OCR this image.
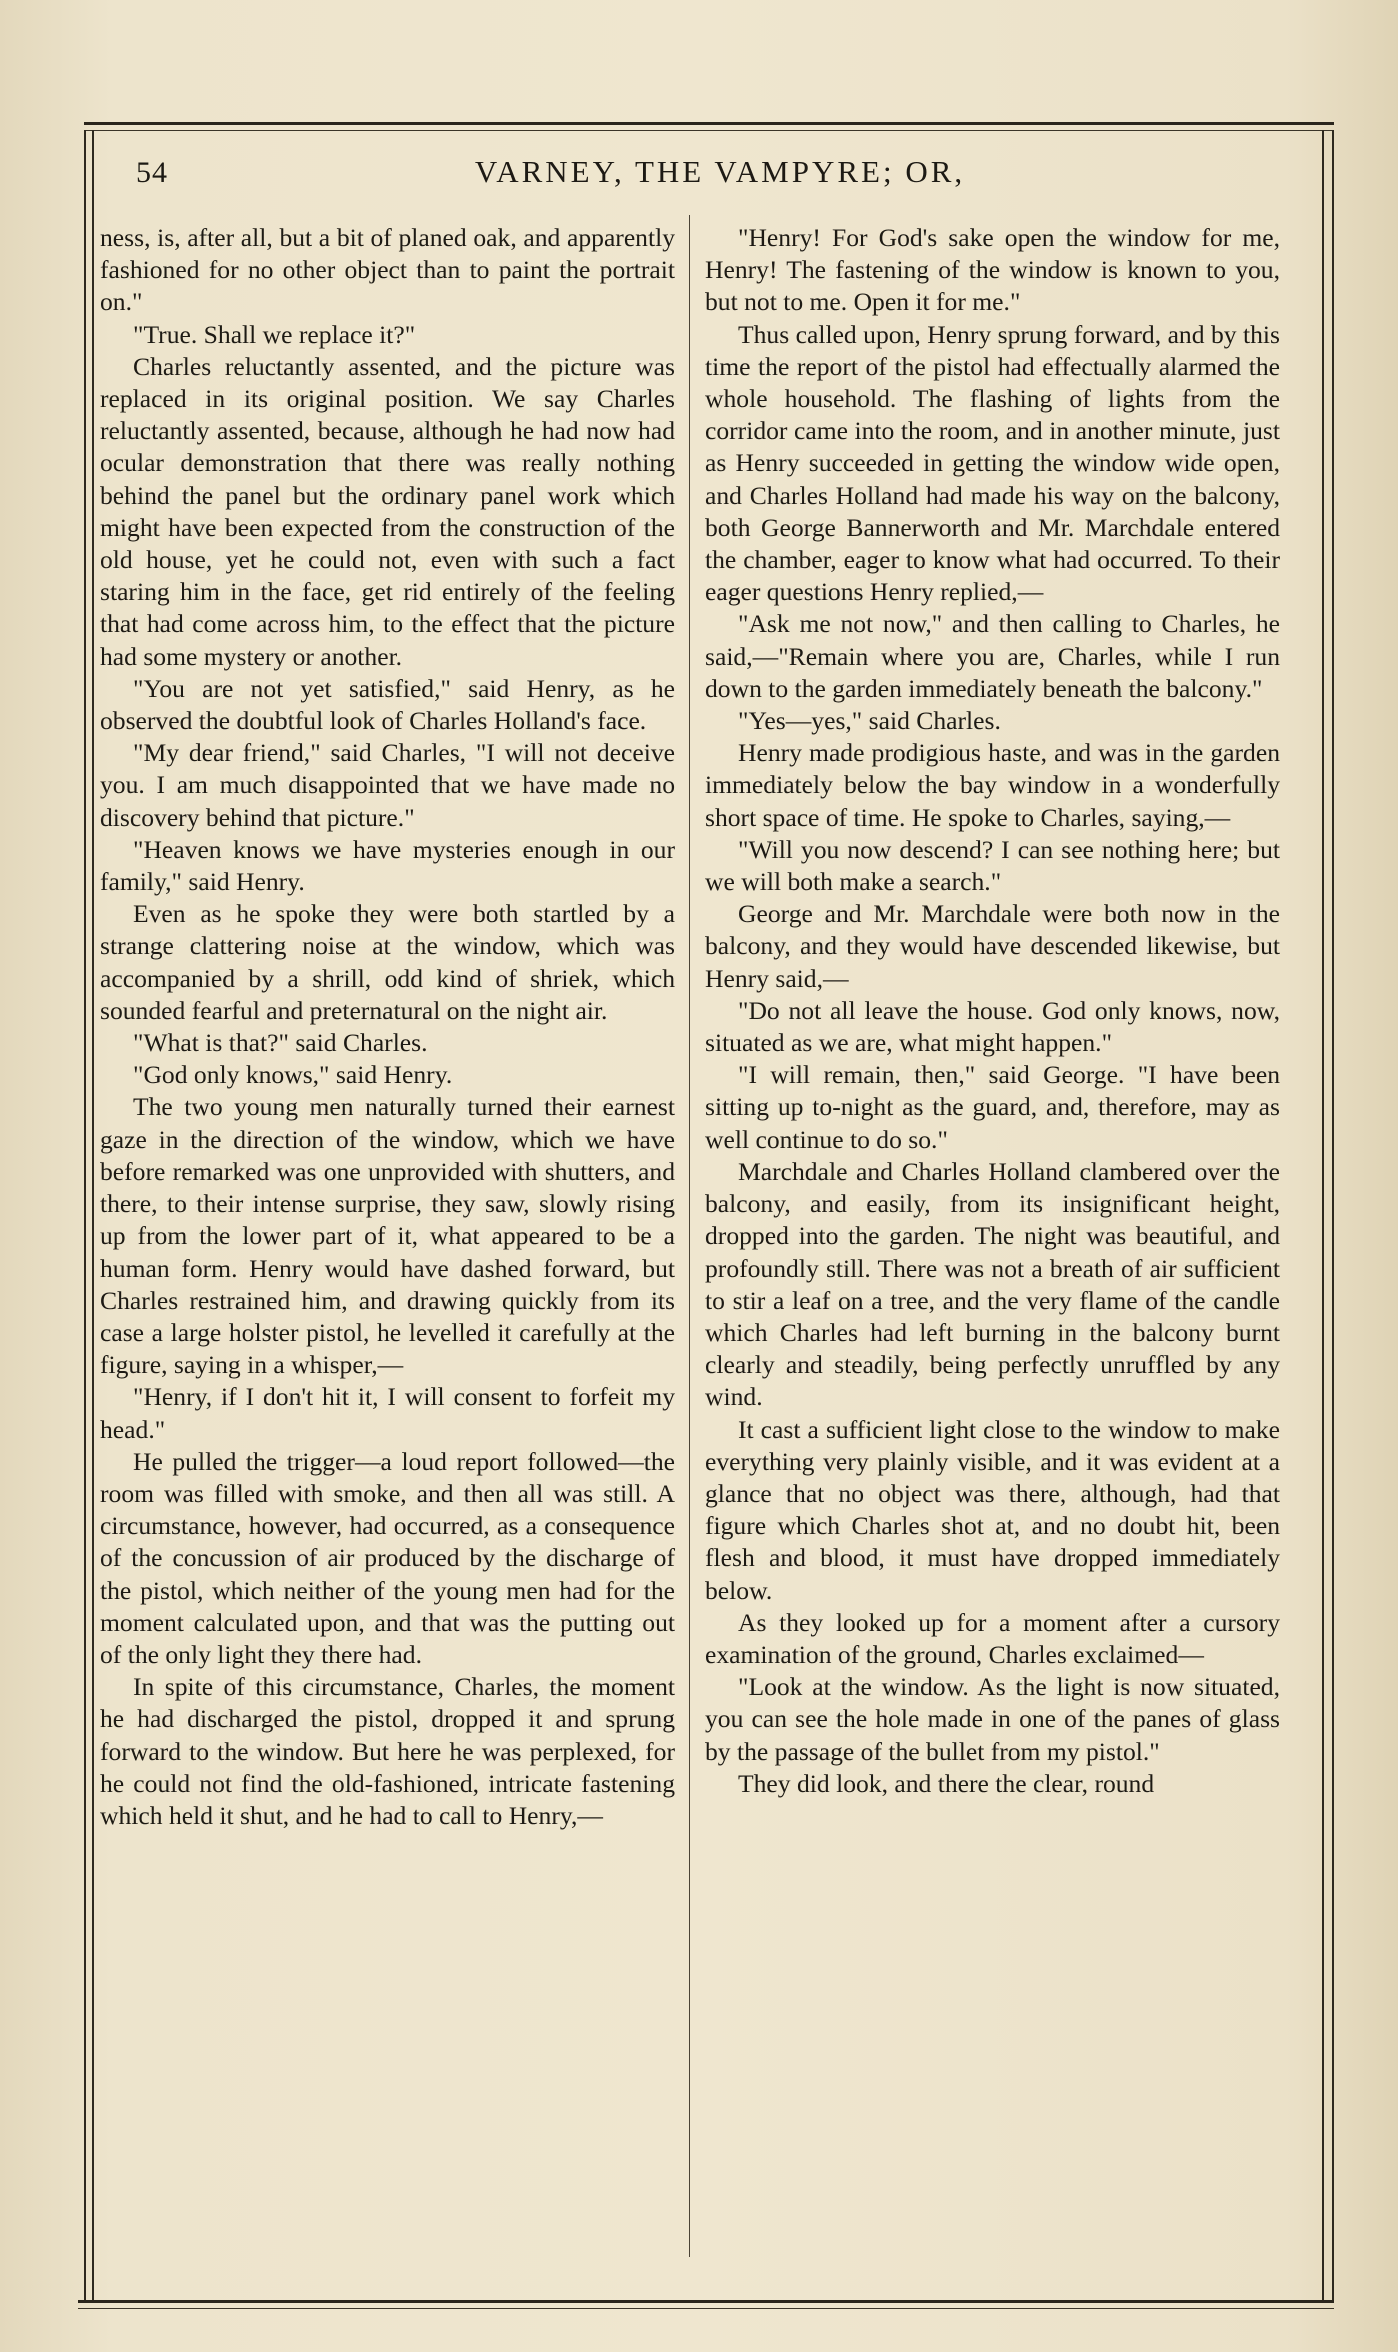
54	VARNEY, THE VAMPYRE; OR,

ness, is, after all, but a bit of planed oak, and apparently fashioned for no other object than to paint the portrait on."

"True. Shall we replace it?"

Charles reluctantly assented, and the picture was replaced in its original position. We say Charles reluctantly assented, because, although he had now had ocular demonstration that there was really nothing behind the panel but the ordinary panel work which might have been expected from the construction of the old house, yet he could not, even with such a fact staring him in the face, get rid entirely of the feeling that had come across him, to the effect that the picture had some mystery or another.

"You are not yet satisfied," said Henry, as he observed the doubtful look of Charles Holland's face.

"My dear friend," said Charles, "I will not deceive you. I am much disappointed that we have made no discovery behind that picture."

"Heaven knows we have mysteries enough in our family," said Henry.

Even as he spoke they were both startled by a strange clattering noise at the window, which was accompanied by a shrill, odd kind of shriek, which sounded fearful and preternatural on the night air.

"What is that?" said Charles.

"God only knows," said Henry.

The two young men naturally turned their earnest gaze in the direction of the window, which we have before remarked was one unprovided with shutters, and there, to their intense surprise, they saw, slowly rising up from the lower part of it, what appeared to be a human form. Henry would have dashed forward, but Charles restrained him, and drawing quickly from its case a large holster pistol, he levelled it carefully at the figure, saying in a whisper,—

"Henry, if I don't hit it, I will consent to forfeit my head."

He pulled the trigger—a loud report followed—the room was filled with smoke, and then all was still. A circumstance, however, had occurred, as a consequence of the concussion of air produced by the discharge of the pistol, which neither of the young men had for the moment calculated upon, and that was the putting out of the only light they there had.

In spite of this circumstance, Charles, the moment he had discharged the pistol, dropped it and sprung forward to the window. But here he was perplexed, for he could not find the old-fashioned, intricate fastening which held it shut, and he had to call to Henry,—

"Henry! For God's sake open the window for me, Henry! The fastening of the window is known to you, but not to me. Open it for me."

Thus called upon, Henry sprung forward, and by this time the report of the pistol had effectually alarmed the whole household. The flashing of lights from the corridor came into the room, and in another minute, just as Henry succeeded in getting the window wide open, and Charles Holland had made his way on the balcony, both George Bannerworth and Mr. Marchdale entered the chamber, eager to know what had occurred. To their eager questions Henry replied,—

"Ask me not now," and then calling to Charles, he said,—"Remain where you are, Charles, while I run down to the garden immediately beneath the balcony."

"Yes—yes," said Charles.

Henry made prodigious haste, and was in the garden immediately below the bay window in a wonderfully short space of time. He spoke to Charles, saying,—

"Will you now descend? I can see nothing here; but we will both make a search."

George and Mr. Marchdale were both now in the balcony, and they would have descended likewise, but Henry said,—

"Do not all leave the house. God only knows, now, situated as we are, what might happen."

"I will remain, then," said George. "I have been sitting up to-night as the guard, and, therefore, may as well continue to do so."

Marchdale and Charles Holland clambered over the balcony, and easily, from its insignificant height, dropped into the garden. The night was beautiful, and profoundly still. There was not a breath of air sufficient to stir a leaf on a tree, and the very flame of the candle which Charles had left burning in the balcony burnt clearly and steadily, being perfectly unruffled by any wind.

It cast a sufficient light close to the window to make everything very plainly visible, and it was evident at a glance that no object was there, although, had that figure which Charles shot at, and no doubt hit, been flesh and blood, it must have dropped immediately below.

As they looked up for a moment after a cursory examination of the ground, Charles exclaimed—

"Look at the window. As the light is now situated, you can see the hole made in one of the panes of glass by the passage of the bullet from my pistol."

They did look, and there the clear, round
